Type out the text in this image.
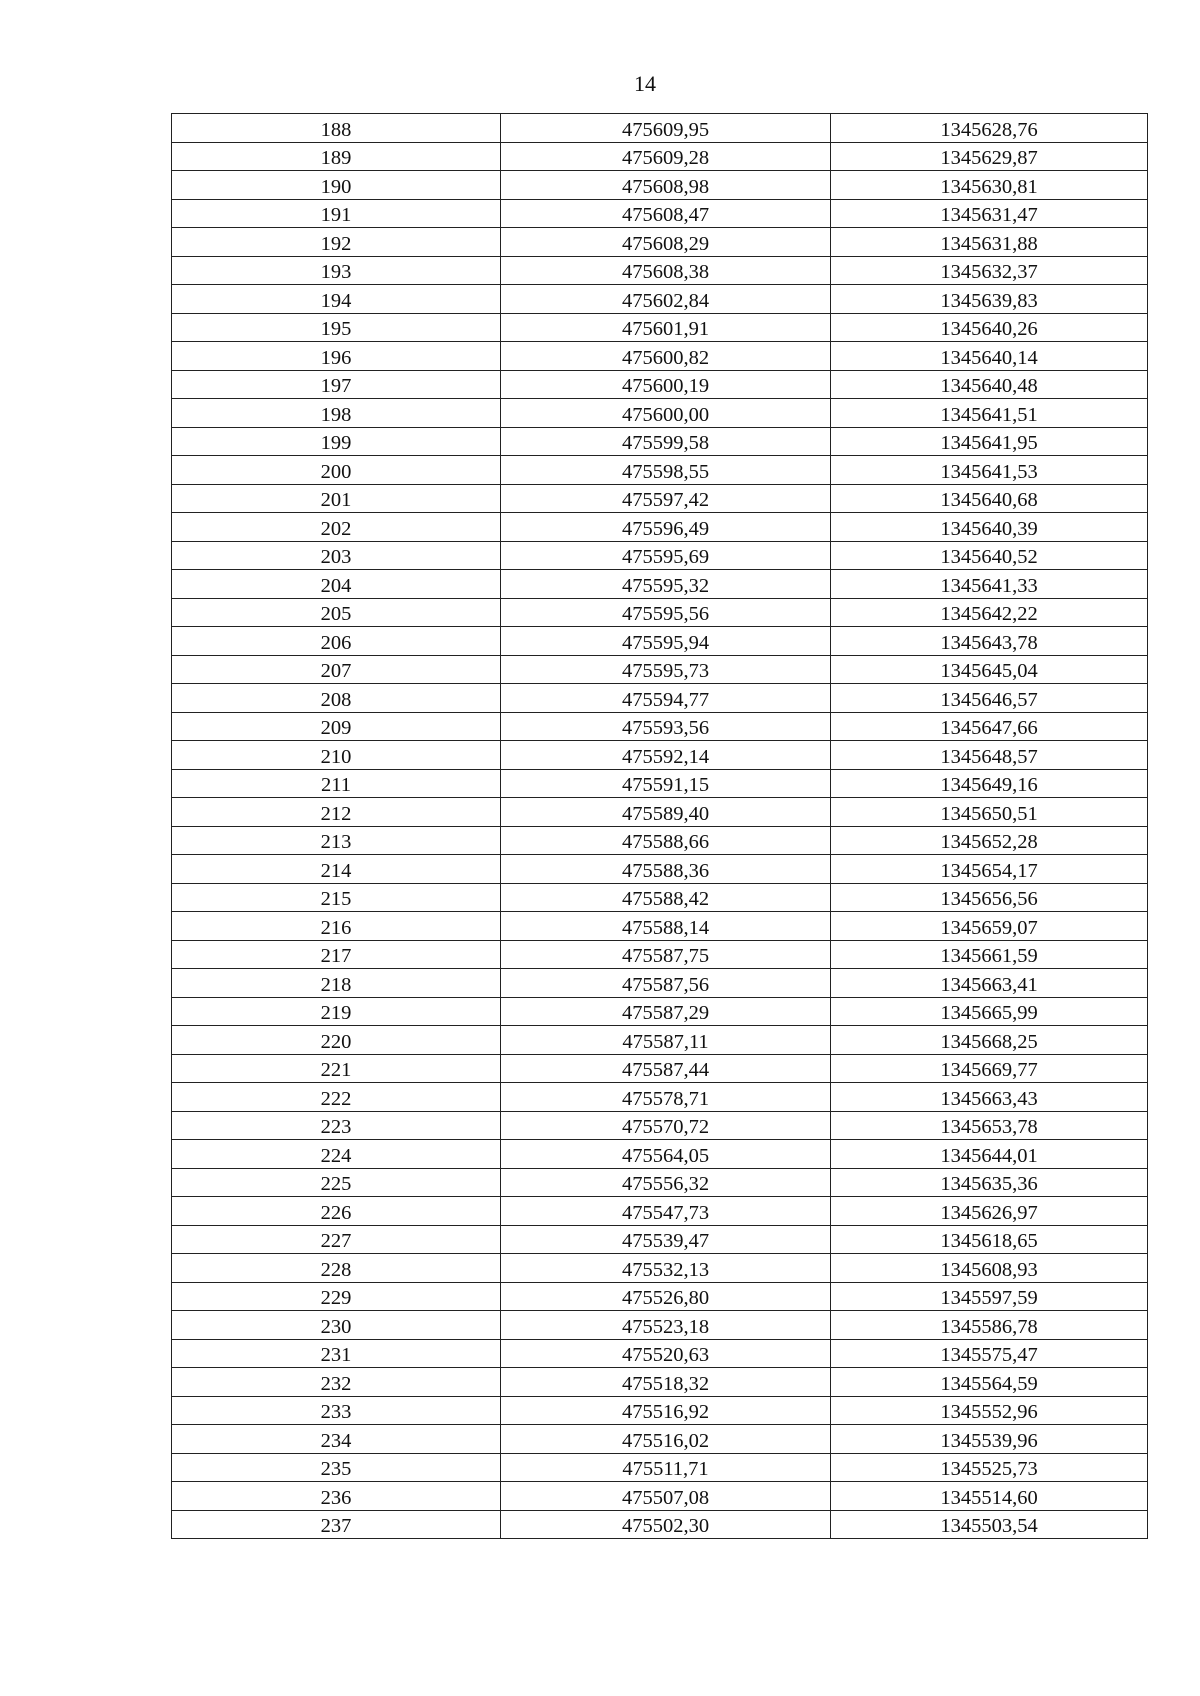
14
188	475609,95	1345628,76
189	475609,28	1345629,87
190	475608,98	1345630,81
191	475608,47	1345631,47
192	475608,29	1345631,88
193	475608,38	1345632,37
194	475602,84	1345639,83
195	475601,91	1345640,26
196	475600,82	1345640,14
197	475600,19	1345640,48
198	475600,00	1345641,51
199	475599,58	1345641,95
200	475598,55	1345641,53
201	475597,42	1345640,68
202	475596,49	1345640,39
203	475595,69	1345640,52
204	475595,32	1345641,33
205	475595,56	1345642,22
206	475595,94	1345643,78
207	475595,73	1345645,04
208	475594,77	1345646,57
209	475593,56	1345647,66
210	475592,14	1345648,57
211	475591,15	1345649,16
212	475589,40	1345650,51
213	475588,66	1345652,28
214	475588,36	1345654,17
215	475588,42	1345656,56
216	475588,14	1345659,07
217	475587,75	1345661,59
218	475587,56	1345663,41
219	475587,29	1345665,99
220	475587,11	1345668,25
221	475587,44	1345669,77
222	475578,71	1345663,43
223	475570,72	1345653,78
224	475564,05	1345644,01
225	475556,32	1345635,36
226	475547,73	1345626,97
227	475539,47	1345618,65
228	475532,13	1345608,93
229	475526,80	1345597,59
230	475523,18	1345586,78
231	475520,63	1345575,47
232	475518,32	1345564,59
233	475516,92	1345552,96
234	475516,02	1345539,96
235	475511,71	1345525,73
236	475507,08	1345514,60
237	475502,30	1345503,54
